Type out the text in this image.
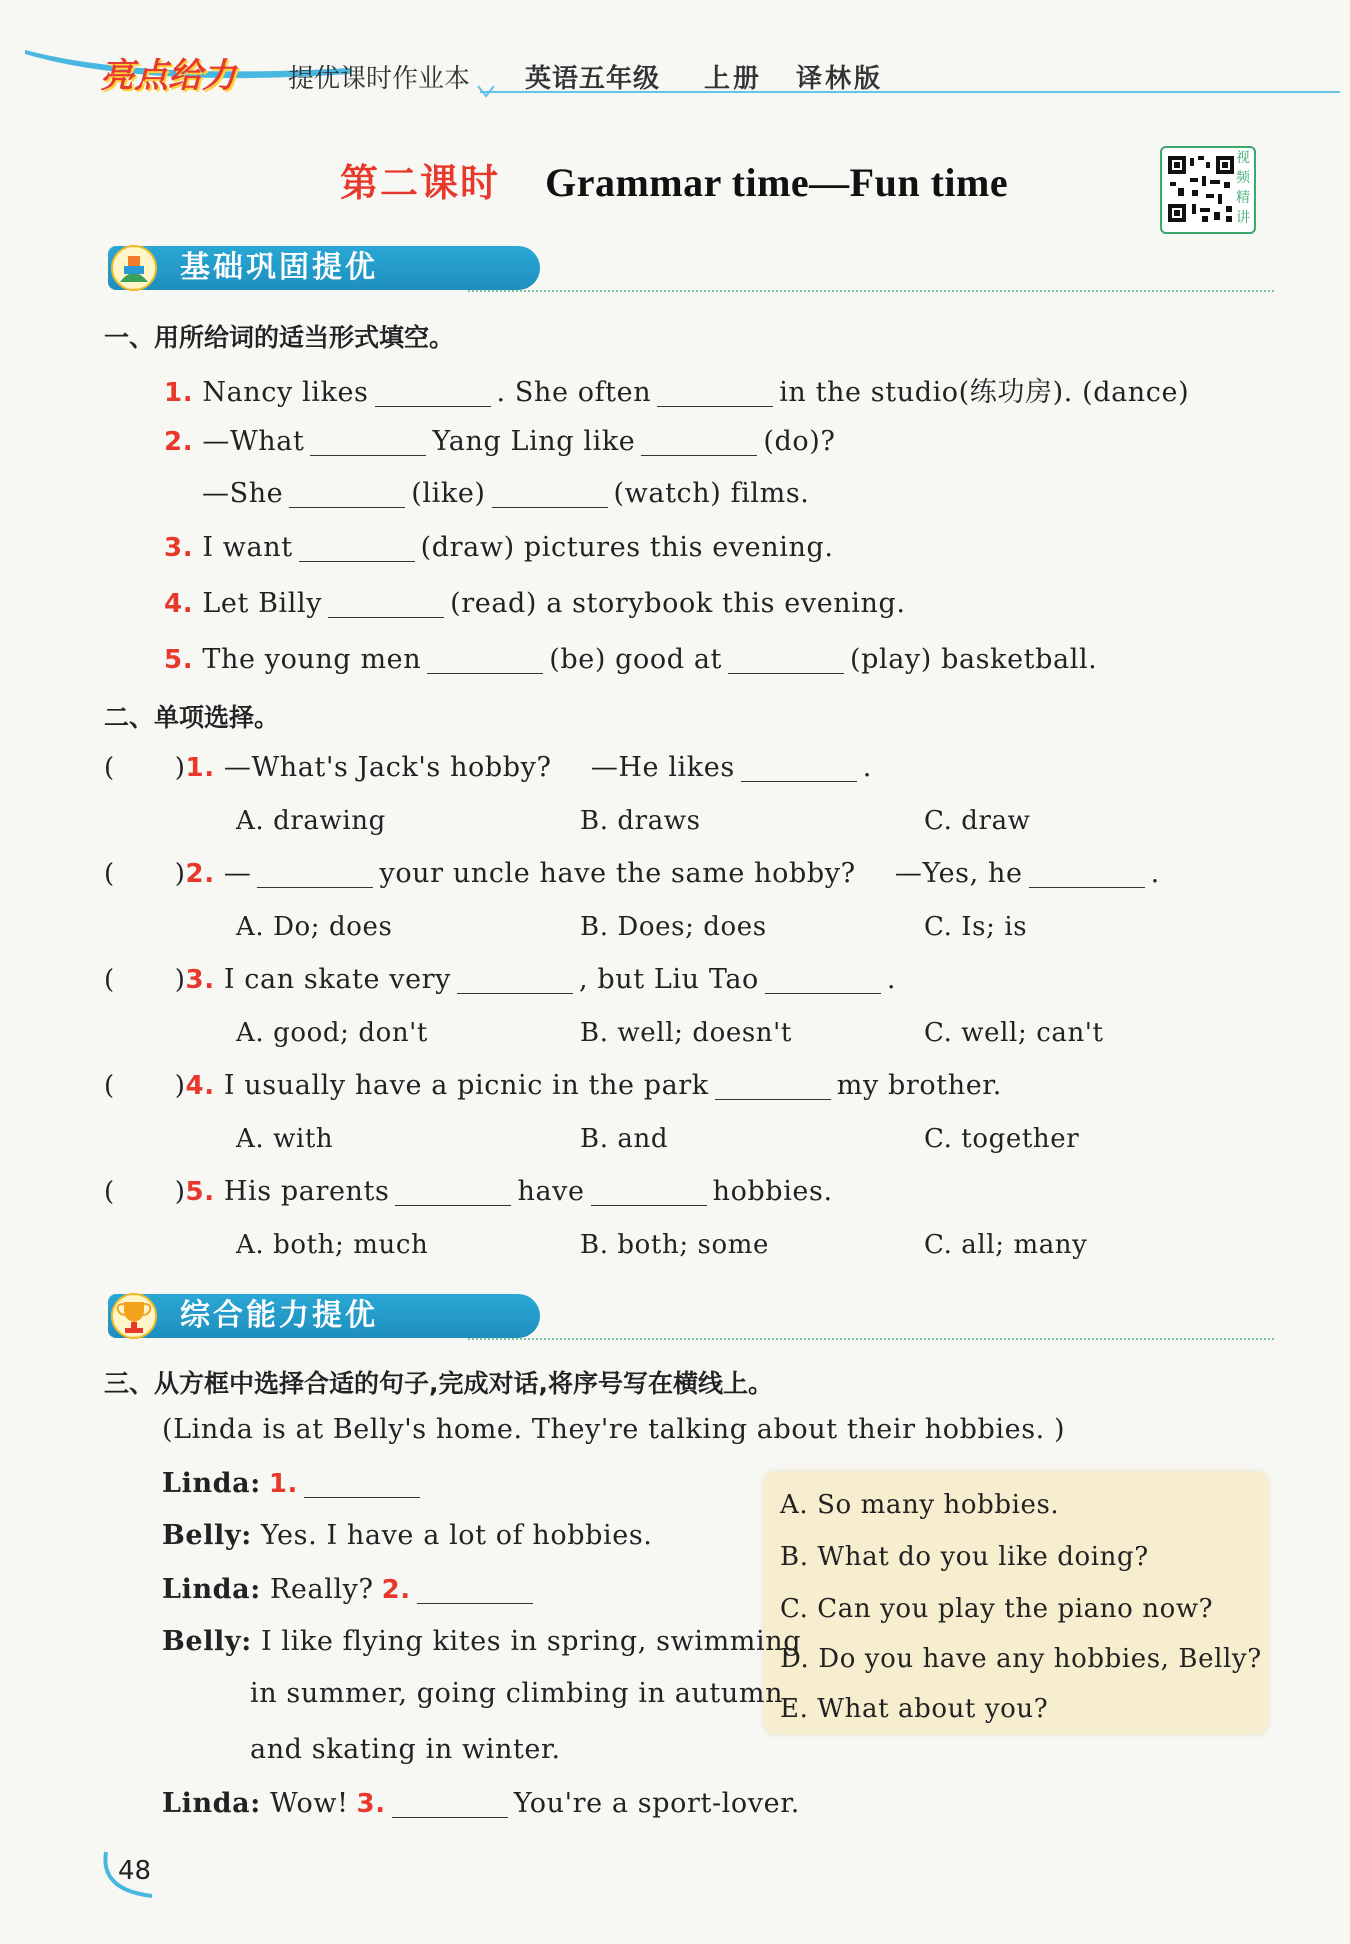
亮点给力 提优课时作业本 英语五年级 上册 译林版
第二课时 Grammar time—Fun time
视频精讲
基础巩固提优
一、用所给词的适当形式填空。
1. Nancy likes	. She often	in the studio(练功房). (dance)
2. —What	Yang Ling like	(do)?
—She	(like)	(watch) films.
3. I want	(draw) pictures this evening.
4. Let Billy	(read) a storybook this evening.
5. The young men	(be) good at	(play) basketball.
二、单项选择。
( )1. —What's Jack's hobby? —He likes	.
A. drawing	B. draws	C. draw
( )2. —	your uncle have the same hobby? —Yes, he	.
A. Do; does	B. Does; does	C. Is; is
( )3. I can skate very	, but Liu Tao	.
A. good; don't	B. well; doesn't	C. well; can't
( )4. I usually have a picnic in the park	my brother.
A. with	B. and	C. together
( )5. His parents	have	hobbies.
A. both; much	B. both; some	C. all; many
综合能力提优
三、从方框中选择合适的句子,完成对话,将序号写在横线上。
(Linda is at Belly's home. They're talking about their hobbies. )
A. So many hobbies.
B. What do you like doing?
C. Can you play the piano now?
D. Do you have any hobbies, Belly?
E. What about you?
Linda: 1.
Belly: Yes. I have a lot of hobbies.
Linda: Really? 2.
Belly: I like flying kites in spring, swimming
in summer, going climbing in autumn
and skating in winter.
Linda: Wow! 3.	You're a sport-lover.
48
